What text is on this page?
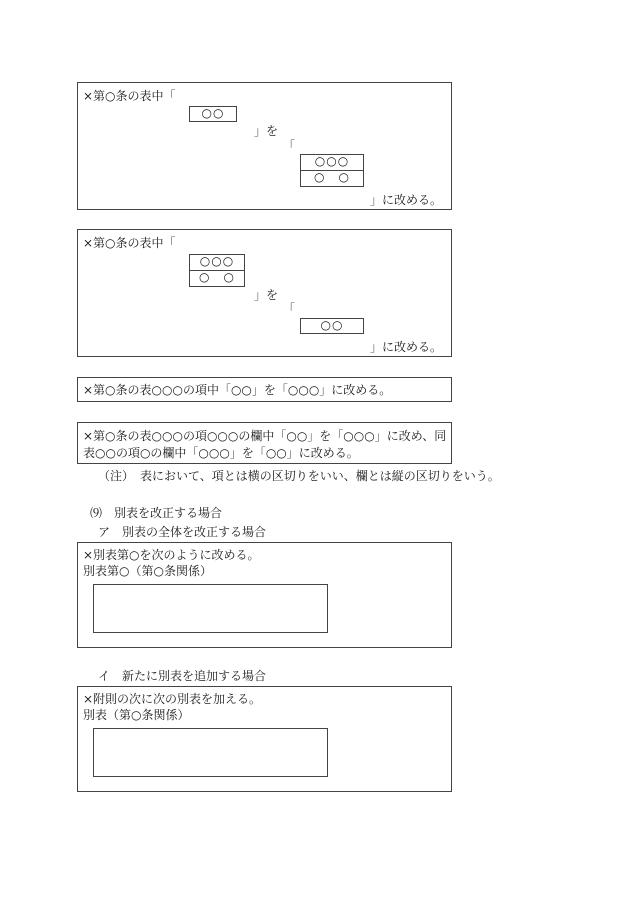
×第○条の表中「
○○
」を
「
○○○
○　○
」に改める。
×第○条の表中「
○○○
○　○
」を
「
○○
」に改める。
×第○条の表○○○の項中「○○」を「○○○」に改める。
×第○条の表○○○の項○○○の欄中「○○」を「○○○」に改め、同表○○の項○の欄中「○○○」を「○○」に改める。
（注）　表において、項とは横の区切りをいい、欄とは縦の区切りをいう。
⑼　別表を改正する場合
ア　別表の全体を改正する場合
×別表第○を次のように改める。
別表第○（第○条関係）
イ　新たに別表を追加する場合
×附則の次に次の別表を加える。
別表（第○条関係）
